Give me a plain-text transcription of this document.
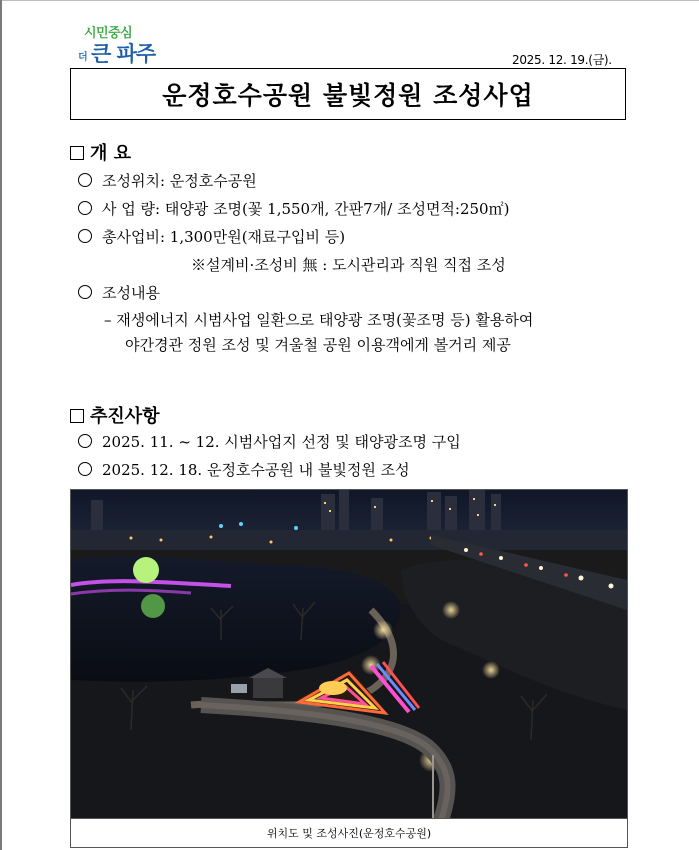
시민중심
더 큰 파주	2025. 12. 19.(금).
운정호수공원 불빛정원 조성사업
개 요
조성위치: 운정호수공원
사 업 량: 태양광 조명(꽃 1,550개, 간판7개/ 조성면적:250㎡)
총사업비: 1,300만원(재료구입비 등)
※설계비·조성비 無 : 도시관리과 직원 직접 조성
조성내용
– 재생에너지 시범사업 일환으로 태양광 조명(꽃조명 등) 활용하여
야간경관 정원 조성 및 겨울철 공원 이용객에게 볼거리 제공
추진사항
2025. 11. ~ 12. 시범사업지 선정 및 태양광조명 구입
2025. 12. 18. 운정호수공원 내 불빛정원 조성
위치도 및 조성사진(운정호수공원)
